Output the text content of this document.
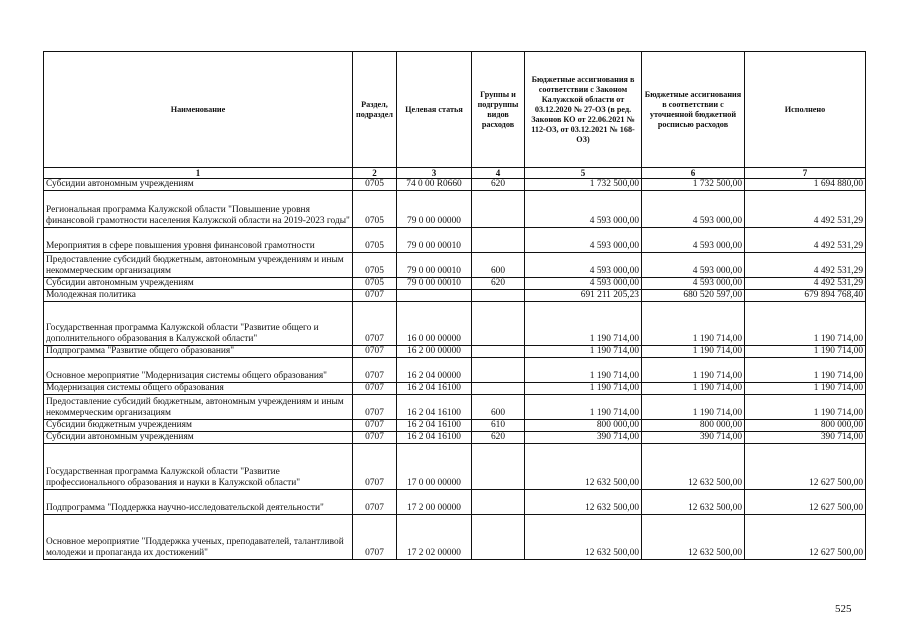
Наименование	Раздел, подраздел	Целевая статья	Группы и подгруппы видов расходов	Бюджетные ассигнования в соответствии с Законом Калужской области от 03.12.2020 № 27-ОЗ (в ред. Законов КО от 22.06.2021 № 112-ОЗ, от 03.12.2021 № 168-ОЗ)	Бюджетные ассигнования в соответствии с уточненной бюджетной росписью расходов	Исполнено
1	2	3	4	5	6	7
Субсидии автономным учреждениям	0705	74 0 00 R0660	620	1 732 500,00	1 732 500,00	1 694 880,00
Региональная программа Калужской области "Повышение уровня финансовой грамотности населения Калужской области на 2019-2023 годы"	0705	79 0 00 00000		4 593 000,00	4 593 000,00	4 492 531,29
Мероприятия в сфере повышения уровня финансовой грамотности	0705	79 0 00 00010		4 593 000,00	4 593 000,00	4 492 531,29
Предоставление субсидий бюджетным, автономным учреждениям и иным некоммерческим организациям	0705	79 0 00 00010	600	4 593 000,00	4 593 000,00	4 492 531,29
Субсидии автономным учреждениям	0705	79 0 00 00010	620	4 593 000,00	4 593 000,00	4 492 531,29
Молодежная политика	0707			691 211 205,23	680 520 597,00	679 894 768,40
Государственная программа Калужской области "Развитие общего и дополнительного образования в Калужской области"	0707	16 0 00 00000		1 190 714,00	1 190 714,00	1 190 714,00
Подпрограмма "Развитие общего образования"	0707	16 2 00 00000		1 190 714,00	1 190 714,00	1 190 714,00
Основное мероприятие "Модернизация системы общего образования"	0707	16 2 04 00000		1 190 714,00	1 190 714,00	1 190 714,00
Модернизация системы общего образования	0707	16 2 04 16100		1 190 714,00	1 190 714,00	1 190 714,00
Предоставление субсидий бюджетным, автономным учреждениям и иным некоммерческим организациям	0707	16 2 04 16100	600	1 190 714,00	1 190 714,00	1 190 714,00
Субсидии бюджетным учреждениям	0707	16 2 04 16100	610	800 000,00	800 000,00	800 000,00
Субсидии автономным учреждениям	0707	16 2 04 16100	620	390 714,00	390 714,00	390 714,00
Государственная программа Калужской области "Развитие профессионального образования и науки в Калужской области"	0707	17 0 00 00000		12 632 500,00	12 632 500,00	12 627 500,00
Подпрограмма "Поддержка научно-исследовательской деятельности"	0707	17 2 00 00000		12 632 500,00	12 632 500,00	12 627 500,00
Основное мероприятие "Поддержка ученых, преподавателей, талантливой молодежи и пропаганда их достижений"	0707	17 2 02 00000		12 632 500,00	12 632 500,00	12 627 500,00
525
